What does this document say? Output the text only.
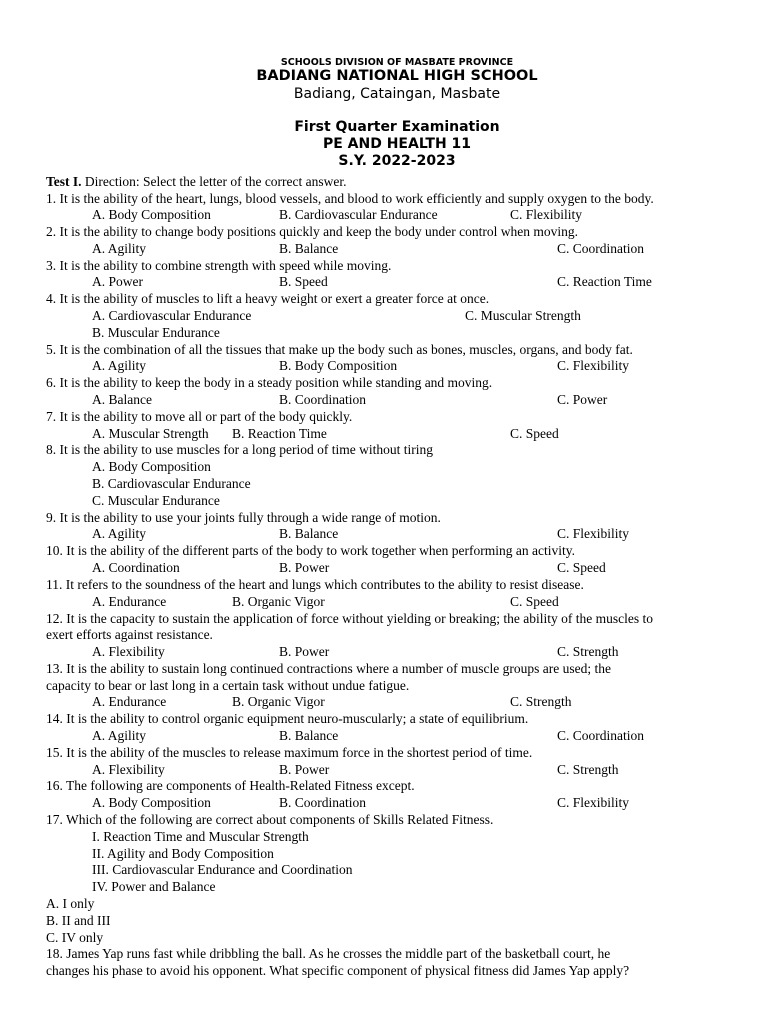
SCHOOLS DIVISION OF MASBATE PROVINCE
BADIANG NATIONAL HIGH SCHOOL
Badiang, Cataingan, Masbate
First Quarter Examination
PE AND HEALTH 11
S.Y. 2022-2023
Test I. Direction: Select the letter of the correct answer.
1. It is the ability of the heart, lungs, blood vessels, and blood to work efficiently and supply oxygen to the body.
A. Body Composition	B. Cardiovascular Endurance	C. Flexibility
2. It is the ability to change body positions quickly and keep the body under control when moving.
A. Agility	B. Balance	C. Coordination
3. It is the ability to combine strength with speed while moving.
A. Power	B. Speed	C. Reaction Time
4. It is the ability of muscles to lift a heavy weight or exert a greater force at once.
A. Cardiovascular Endurance	C. Muscular Strength
B. Muscular Endurance
5. It is the combination of all the tissues that make up the body such as bones, muscles, organs, and body fat.
A. Agility	B. Body Composition	C. Flexibility
6. It is the ability to keep the body in a steady position while standing and moving.
A. Balance	B. Coordination	C. Power
7. It is the ability to move all or part of the body quickly.
A. Muscular Strength B. Reaction Time	C. Speed
8. It is the ability to use muscles for a long period of time without tiring
A. Body Composition
B. Cardiovascular Endurance
C. Muscular Endurance
9. It is the ability to use your joints fully through a wide range of motion.
A. Agility	B. Balance	C. Flexibility
10. It is the ability of the different parts of the body to work together when performing an activity.
A. Coordination	B. Power	C. Speed
11. It refers to the soundness of the heart and lungs which contributes to the ability to resist disease.
A. Endurance	B. Organic Vigor	C. Speed
12. It is the capacity to sustain the application of force without yielding or breaking; the ability of the muscles to
exert efforts against resistance.
A. Flexibility	B. Power	C. Strength
13. It is the ability to sustain long continued contractions where a number of muscle groups are used; the
capacity to bear or last long in a certain task without undue fatigue.
A. Endurance	B. Organic Vigor	C. Strength
14. It is the ability to control organic equipment neuro-muscularly; a state of equilibrium.
A. Agility	B. Balance	C. Coordination
15. It is the ability of the muscles to release maximum force in the shortest period of time.
A. Flexibility	B. Power	C. Strength
16. The following are components of Health-Related Fitness except.
A. Body Composition	B. Coordination	C. Flexibility
17. Which of the following are correct about components of Skills Related Fitness.
I. Reaction Time and Muscular Strength
II. Agility and Body Composition
III. Cardiovascular Endurance and Coordination
IV. Power and Balance
A. I only
B. II and III
C. IV only
18. James Yap runs fast while dribbling the ball. As he crosses the middle part of the basketball court, he
changes his phase to avoid his opponent. What specific component of physical fitness did James Yap apply?
